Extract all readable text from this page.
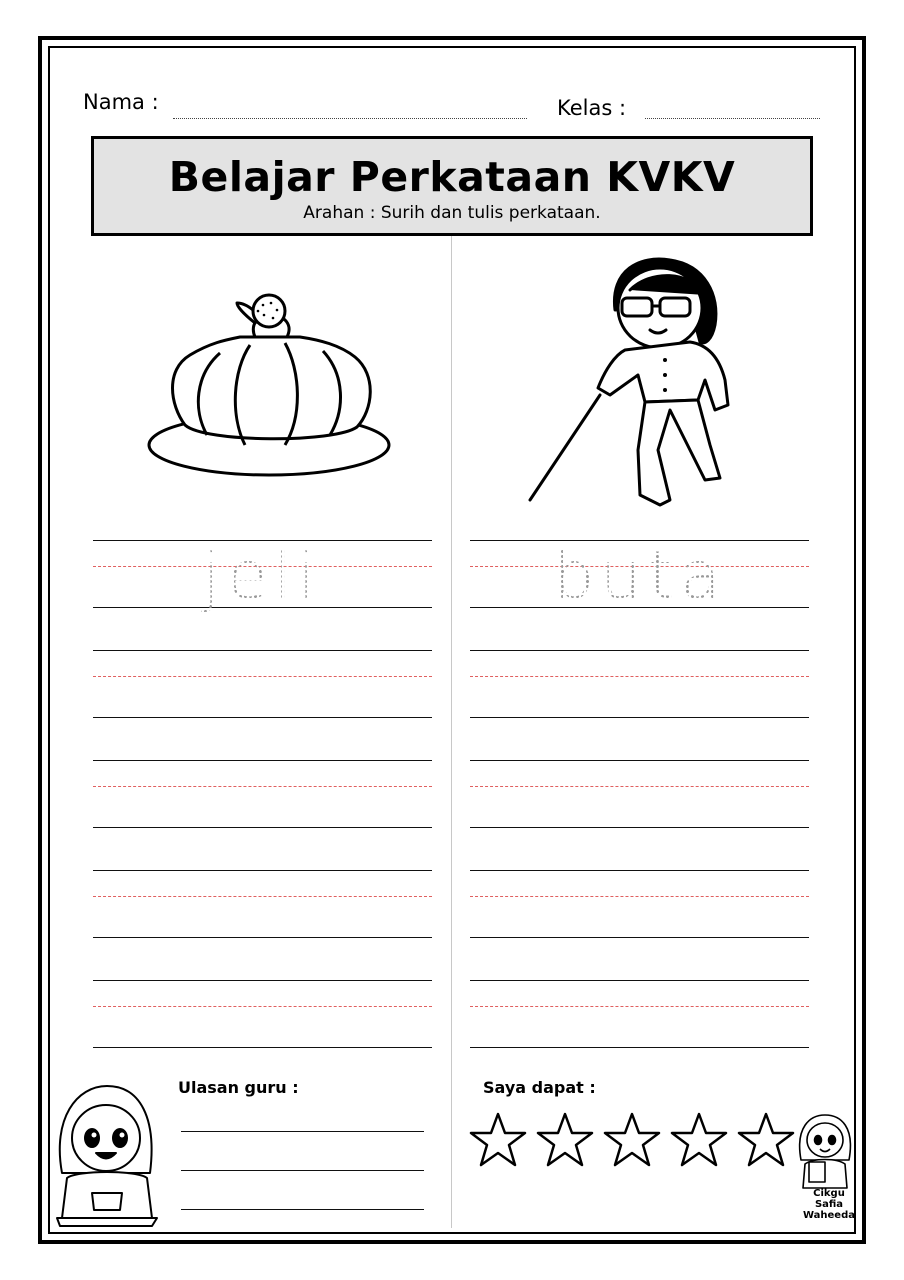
Nama :	Kelas :
Belajar Perkataan KVKV
Arahan : Surih dan tulis perkataan.
jeli	buta
Ulasan guru :	Saya dapat :
Cikgu
Safia
Waheeda
